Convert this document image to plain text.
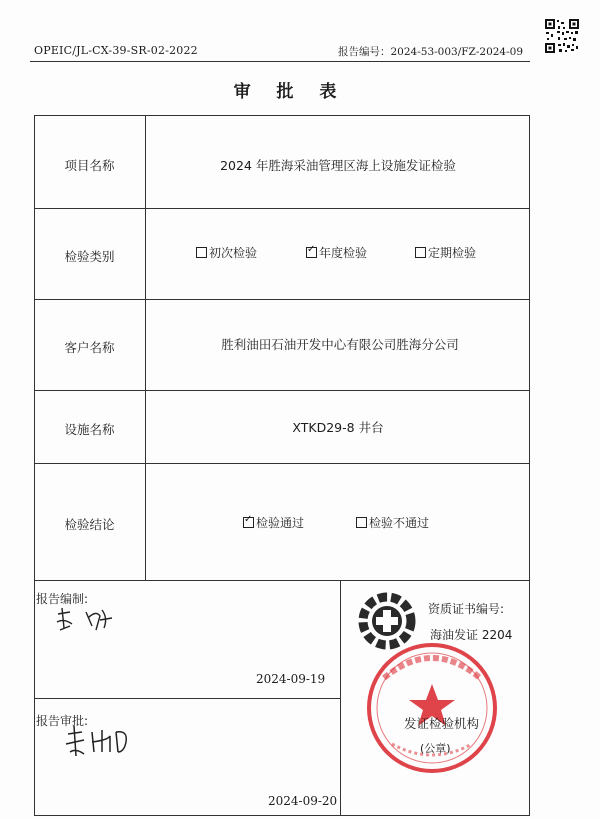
OPEIC/JL-CX-39-SR-02-2022	报告编号：2024-53-003/FZ-2024-09
审 批 表
项目名称	2024 年胜海采油管理区海上设施发证检验
检验类别	初次检验 ✓	年度检验	定期检验
客户名称	胜利油田石油开发中心有限公司胜海分公司
设施名称	XTKD29-8 井台
检验结论 ✓	检验通过	检验不通过
报告编制:
2024-09-19
报告审批:
2024-09-20
资质证书编号:
海油发证 2204
发证检验机构
(公章)
